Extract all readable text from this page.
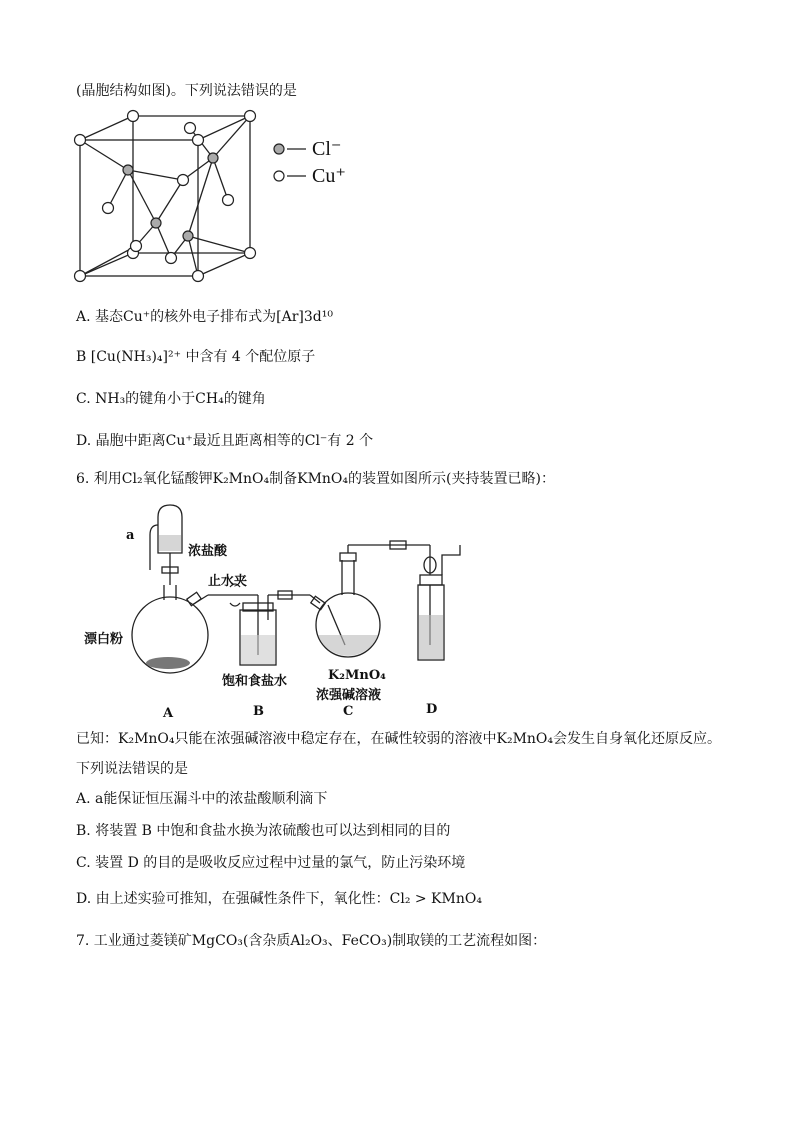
(晶胞结构如图)。下列说法错误的是
Cl⁻
Cu⁺
A. 基态Cu⁺的核外电子排布式为[Ar]3d¹⁰
B [Cu(NH₃)₄]²⁺ 中含有 4 个配位原子
C. NH₃的键角小于CH₄的键角
D. 晶胞中距离Cu⁺最近且距离相等的Cl⁻有 2 个
6. 利用Cl₂氧化锰酸钾K₂MnO₄制备KMnO₄的装置如图所示(夹持装置已略)：
a
浓盐酸
止水夹
漂白粉
饱和食盐水	K₂MnO₄
浓强碱溶液
A	B	C	D
已知：K₂MnO₄只能在浓强碱溶液中稳定存在，在碱性较弱的溶液中K₂MnO₄会发生自身氧化还原反应。
下列说法错误的是
A. a能保证恒压漏斗中的浓盐酸顺利滴下
B. 将装置 B 中饱和食盐水换为浓硫酸也可以达到相同的目的
C. 装置 D 的目的是吸收反应过程中过量的氯气，防止污染环境
D. 由上述实验可推知，在强碱性条件下，氧化性：Cl₂ > KMnO₄
7. 工业通过菱镁矿MgCO₃(含杂质Al₂O₃、FeCO₃)制取镁的工艺流程如图：
